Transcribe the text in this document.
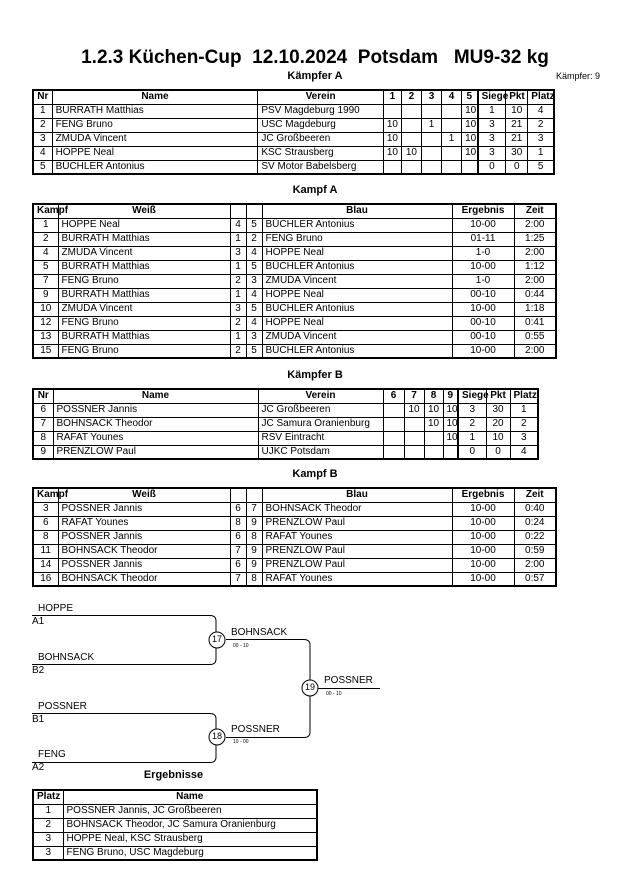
1.2.3 Küchen-Cup  12.10.2024  Potsdam   MU9-32 kg
Kämpfer A	Kämpfer: 9
Nr	Name	Verein	1	2	3	4	5	Siege	Pkt	Platz
1	BURRATH Matthias	PSV Magdeburg 1990					10	1	10	4
2	FENG Bruno	USC Magdeburg	10		1		10	3	21	2
3	ZMUDA Vincent	JC Großbeeren	10			1	10	3	21	3
4	HOPPE Neal	KSC Strausberg	10	10			10	3	30	1
5	BÜCHLER Antonius	SV Motor Babelsberg						0	0	5
Kampf A
Kampf	Weiß			Blau	Ergebnis	Zeit
1	HOPPE Neal	4	5	BÜCHLER Antonius	10-00	2:00
2	BURRATH Matthias	1	2	FENG Bruno	01-11	1:25
4	ZMUDA Vincent	3	4	HOPPE Neal	1-0	2:00
5	BURRATH Matthias	1	5	BÜCHLER Antonius	10-00	1:12
7	FENG Bruno	2	3	ZMUDA Vincent	1-0	2:00
9	BURRATH Matthias	1	4	HOPPE Neal	00-10	0:44
10	ZMUDA Vincent	3	5	BÜCHLER Antonius	10-00	1:18
12	FENG Bruno	2	4	HOPPE Neal	00-10	0:41
13	BURRATH Matthias	1	3	ZMUDA Vincent	00-10	0:55
15	FENG Bruno	2	5	BÜCHLER Antonius	10-00	2:00
Kämpfer B
Nr	Name	Verein	6	7	8	9	Siege	Pkt	Platz
6	POSSNER Jannis	JC Großbeeren		10	10	10	3	30	1
7	BOHNSACK Theodor	JC Samura Oranienburg			10	10	2	20	2
8	RAFAT Younes	RSV Eintracht				10	1	10	3
9	PRENZLOW Paul	UJKC Potsdam					0	0	4
Kampf B
Kampf	Weiß			Blau	Ergebnis	Zeit
3	POSSNER Jannis	6	7	BOHNSACK Theodor	10-00	0:40
6	RAFAT Younes	8	9	PRENZLOW Paul	10-00	0:24
8	POSSNER Jannis	6	8	RAFAT Younes	10-00	0:22
11	BOHNSACK Theodor	7	9	PRENZLOW Paul	10-00	0:59
14	POSSNER Jannis	6	9	PRENZLOW Paul	10-00	2:00
16	BOHNSACK Theodor	7	8	RAFAT Younes	10-00	0:57
17
18
19
HOPPE
A1
BOHNSACK
B2
POSSNER
B1
FENG
A2
BOHNSACK
00 - 10
POSSNER
10 - 00
POSSNER
00 - 10
Ergebnisse
Platz	Name
1	POSSNER Jannis, JC Großbeeren
2	BOHNSACK Theodor, JC Samura Oranienburg
3	HOPPE Neal, KSC Strausberg
3	FENG Bruno, USC Magdeburg
